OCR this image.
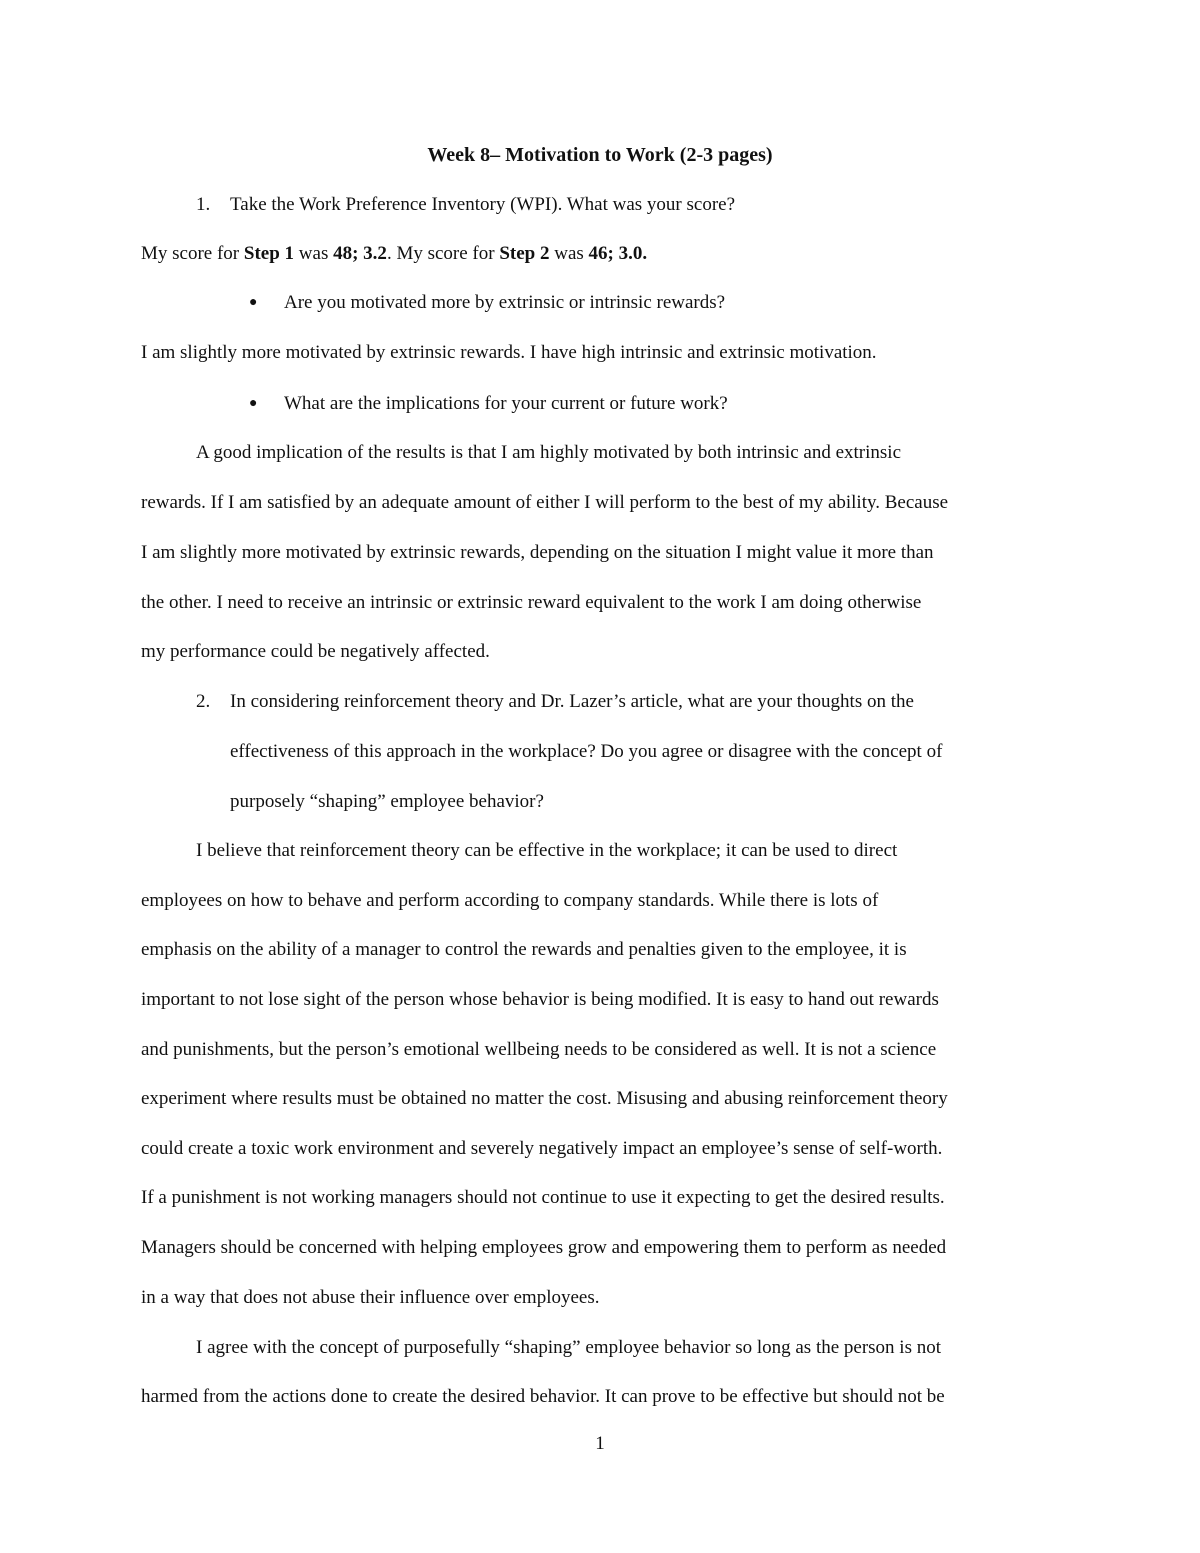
Week 8– Motivation to Work (2-3 pages)
1. Take the Work Preference Inventory (WPI). What was your score?
My score for Step 1 was 48; 3.2. My score for Step 2 was 46; 3.0.
● Are you motivated more by extrinsic or intrinsic rewards?
I am slightly more motivated by extrinsic rewards. I have high intrinsic and extrinsic motivation.
● What are the implications for your current or future work?
A good implication of the results is that I am highly motivated by both intrinsic and extrinsic
rewards. If I am satisfied by an adequate amount of either I will perform to the best of my ability. Because
I am slightly more motivated by extrinsic rewards, depending on the situation I might value it more than
the other. I need to receive an intrinsic or extrinsic reward equivalent to the work I am doing otherwise
my performance could be negatively affected.
2. In considering reinforcement theory and Dr. Lazer’s article, what are your thoughts on the
effectiveness of this approach in the workplace? Do you agree or disagree with the concept of
purposely “shaping” employee behavior?
I believe that reinforcement theory can be effective in the workplace; it can be used to direct
employees on how to behave and perform according to company standards. While there is lots of
emphasis on the ability of a manager to control the rewards and penalties given to the employee, it is
important to not lose sight of the person whose behavior is being modified. It is easy to hand out rewards
and punishments, but the person’s emotional wellbeing needs to be considered as well. It is not a science
experiment where results must be obtained no matter the cost. Misusing and abusing reinforcement theory
could create a toxic work environment and severely negatively impact an employee’s sense of self-worth.
If a punishment is not working managers should not continue to use it expecting to get the desired results.
Managers should be concerned with helping employees grow and empowering them to perform as needed
in a way that does not abuse their influence over employees.
I agree with the concept of purposefully “shaping” employee behavior so long as the person is not
harmed from the actions done to create the desired behavior. It can prove to be effective but should not be
1
